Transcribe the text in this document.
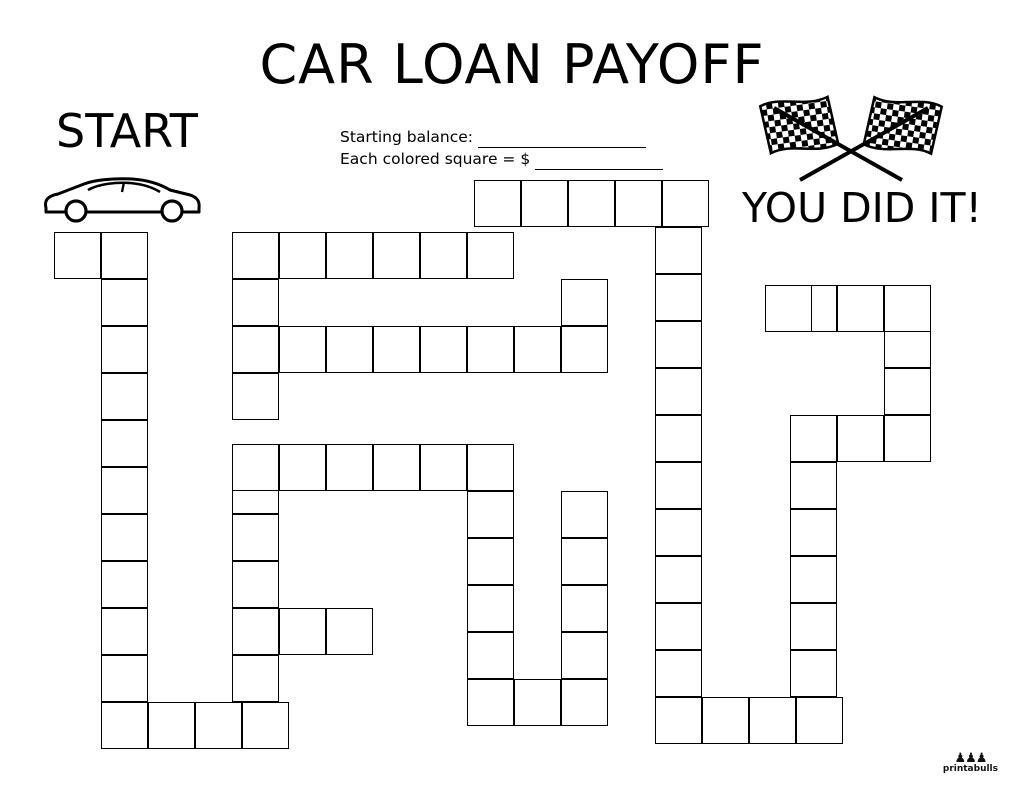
CAR LOAN PAYOFF
START	Starting balance:
Each colored square = $
YOU DID IT!
♟♟♟
printabulls
